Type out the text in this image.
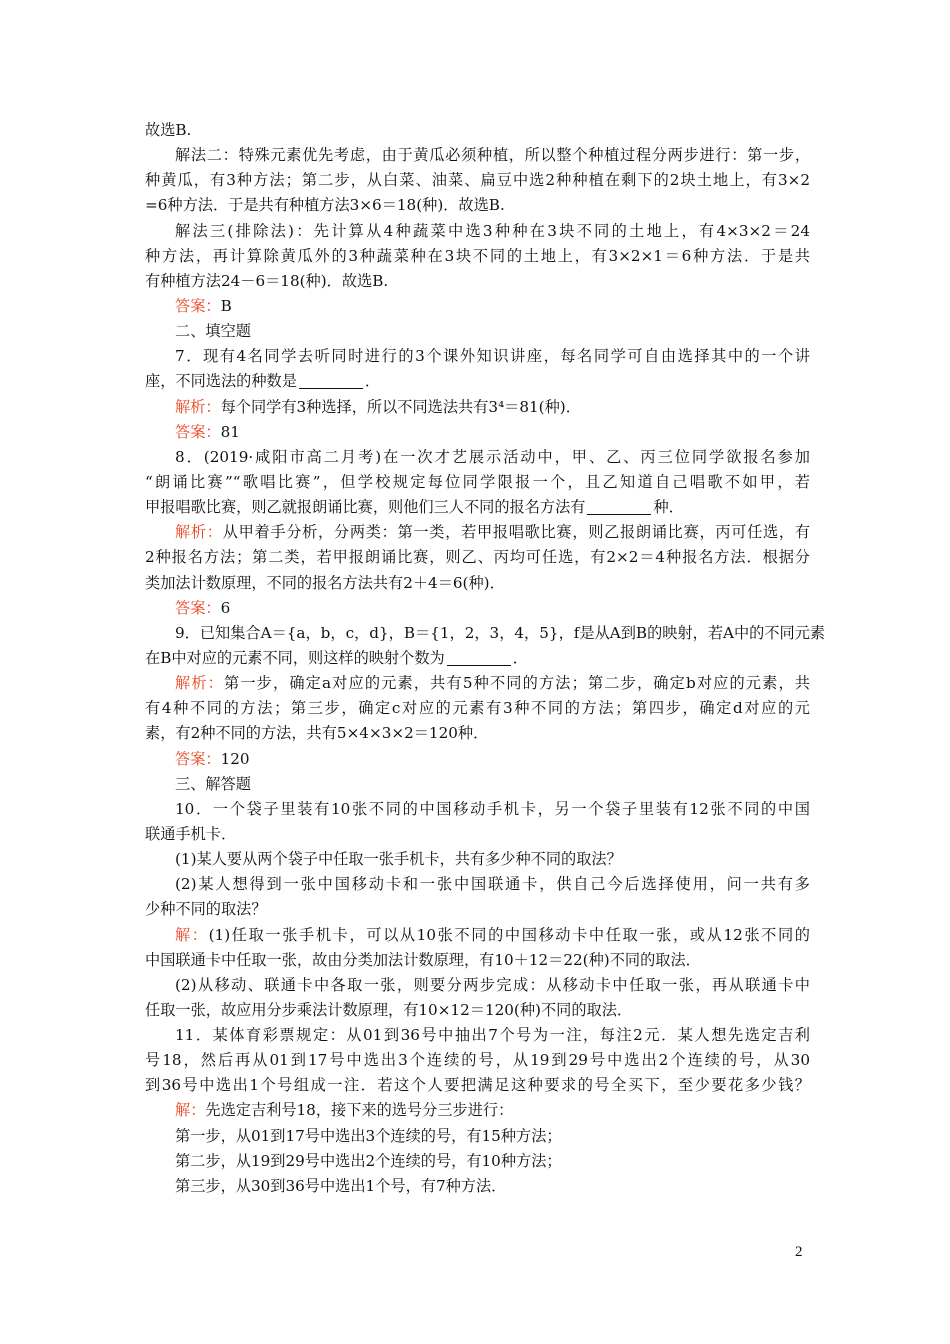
故选B.
解法二：特殊元素优先考虑，由于黄瓜必须种植，所以整个种植过程分两步进行：第一步，
种黄瓜，有3种方法；第二步，从白菜、油菜、扁豆中选2种种植在剩下的2块土地上，有3×2
=6种方法．于是共有种植方法3×6＝18(种)．故选B.
解法三(排除法)：先计算从4种蔬菜中选3种种在3块不同的土地上，有4×3×2＝24
种方法，再计算除黄瓜外的3种蔬菜种在3块不同的土地上，有3×2×1＝6种方法．于是共
有种植方法24－6＝18(种)．故选B.
答案：B
二、填空题
7．现有4名同学去听同时进行的3个课外知识讲座，每名同学可自由选择其中的一个讲
座，不同选法的种数是	．
解析：每个同学有3种选择，所以不同选法共有3⁴＝81(种)．
答案：81
8．(2019·咸阳市高二月考)在一次才艺展示活动中，甲、乙、丙三位同学欲报名参加
“朗诵比赛”“歌唱比赛”，但学校规定每位同学限报一个，且乙知道自己唱歌不如甲，若
甲报唱歌比赛，则乙就报朗诵比赛，则他们三人不同的报名方法有	种．
解析：从甲着手分析，分两类：第一类，若甲报唱歌比赛，则乙报朗诵比赛，丙可任选，有
2种报名方法；第二类，若甲报朗诵比赛，则乙、丙均可任选，有2×2＝4种报名方法．根据分
类加法计数原理，不同的报名方法共有2＋4＝6(种)．
答案：6
9．已知集合A＝{a，b，c，d}，B＝{1，2，3，4，5}，f是从A到B的映射，若A中的不同元素
在B中对应的元素不同，则这样的映射个数为	．
解析：第一步，确定a对应的元素，共有5种不同的方法；第二步，确定b对应的元素，共
有4种不同的方法；第三步，确定c对应的元素有3种不同的方法；第四步，确定d对应的元
素，有2种不同的方法，共有5×4×3×2＝120种．
答案：120
三、解答题
10．一个袋子里装有10张不同的中国移动手机卡，另一个袋子里装有12张不同的中国
联通手机卡．
(1)某人要从两个袋子中任取一张手机卡，共有多少种不同的取法？
(2)某人想得到一张中国移动卡和一张中国联通卡，供自己今后选择使用，问一共有多
少种不同的取法？
解：(1)任取一张手机卡，可以从10张不同的中国移动卡中任取一张，或从12张不同的
中国联通卡中任取一张，故由分类加法计数原理，有10＋12＝22(种)不同的取法．
(2)从移动、联通卡中各取一张，则要分两步完成：从移动卡中任取一张，再从联通卡中
任取一张，故应用分步乘法计数原理，有10×12＝120(种)不同的取法．
11．某体育彩票规定：从01到36号中抽出7个号为一注，每注2元．某人想先选定吉利
号18，然后再从01到17号中选出3个连续的号，从19到29号中选出2个连续的号，从30
到36号中选出1个号组成一注．若这个人要把满足这种要求的号全买下，至少要花多少钱？
解：先选定吉利号18，接下来的选号分三步进行：
第一步，从01到17号中选出3个连续的号，有15种方法；
第二步，从19到29号中选出2个连续的号，有10种方法；
第三步，从30到36号中选出1个号，有7种方法．
2
